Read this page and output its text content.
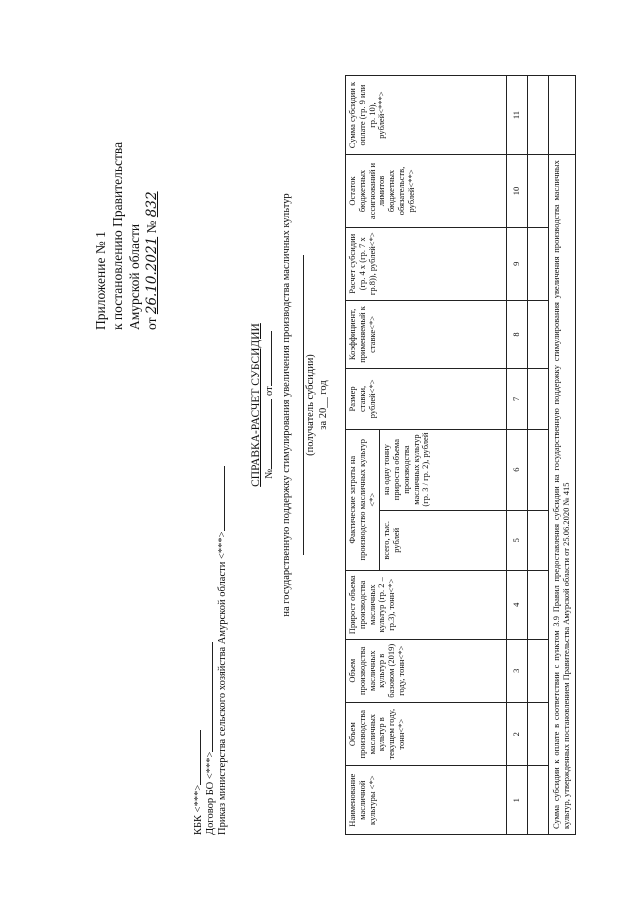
Приложение № 1 к постановлению Правительства Амурской области от 26.10.2021 № 832
КБК <***> Договор БО <***> Приказ министерства сельского хозяйства Амурской области <***>
СПРАВКА-РАСЧЕТ СУБСИДИИ № от на государственную поддержку стимулирования увеличения производства масличных культур (получатель субсидии) за 20__ год
Наименование масличной культуры <*>	Объем производства масличных культур в текущем году, тонн<*>	Объем производства масличных культур в базовом (2019) году, тонн<*>	Прирост объема производства масличных культур (гр. 2 – гр.3), тонн<*>	Фактические затраты на производство масличных культур <*>		Размер ставки, рублей<*>	Коэффициент, применяемый к ставке<*>	Расчет субсидии (гр. 4 x (гр. 7 x гр.8)), рублей<*>	Остаток бюджетных ассигнований и лимитов бюджетных обязательств, рублей<**>	Сумма субсидии к оплате (гр. 9 или гр. 10), рублей<***>
				всего, тыс. рублей	на одну тонну прироста объема производства масличных культур (гр. 3 / гр. 2), рублей					
1	2	3	4	5	6	7	8	9	10	11

Сумма субсидии к оплате в соответствии с пунктом 3.9 Правил предоставления субсидии на государственную поддержку стимулирования увеличения производства масличных культур, утвержденных постановлением Правительства Амурской области от 25.06.2020 № 415										
